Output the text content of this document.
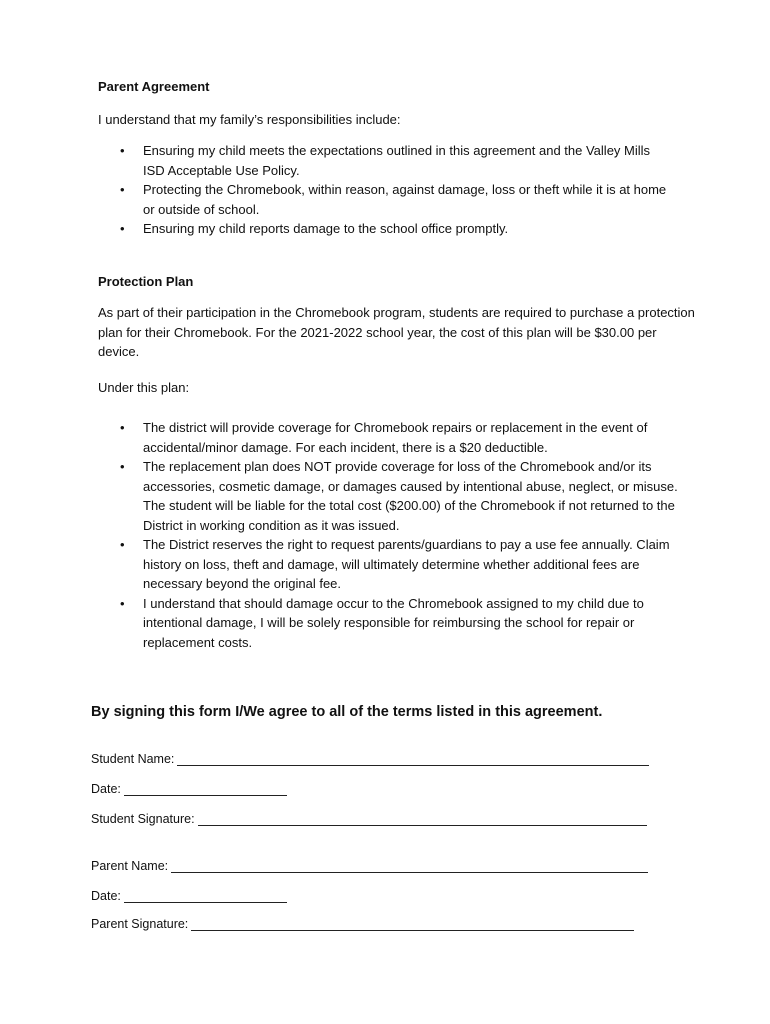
Parent Agreement

I understand that my family’s responsibilities include:

• Ensuring my child meets the expectations outlined in this agreement and the Valley Mills ISD Acceptable Use Policy.
• Protecting the Chromebook, within reason, against damage, loss or theft while it is at home or outside of school.
• Ensuring my child reports damage to the school office promptly.
Protection Plan

As part of their participation in the Chromebook program, students are required to purchase a protection plan for their Chromebook. For the 2021-2022 school year, the cost of this plan will be $30.00 per device.

Under this plan:

• The district will provide coverage for Chromebook repairs or replacement in the event of accidental/minor damage. For each incident, there is a $20 deductible.
• The replacement plan does NOT provide coverage for loss of the Chromebook and/or its accessories, cosmetic damage, or damages caused by intentional abuse, neglect, or misuse. The student will be liable for the total cost ($200.00) of the Chromebook if not returned to the District in working condition as it was issued.
• The District reserves the right to request parents/guardians to pay a use fee annually. Claim history on loss, theft and damage, will ultimately determine whether additional fees are necessary beyond the original fee.
• I understand that should damage occur to the Chromebook assigned to my child due to intentional damage, I will be solely responsible for reimbursing the school for repair or replacement costs.
By signing this form I/We agree to all of the terms listed in this agreement.
Student Name:
Date:
Student Signature:
Parent Name:
Date:
Parent Signature:
